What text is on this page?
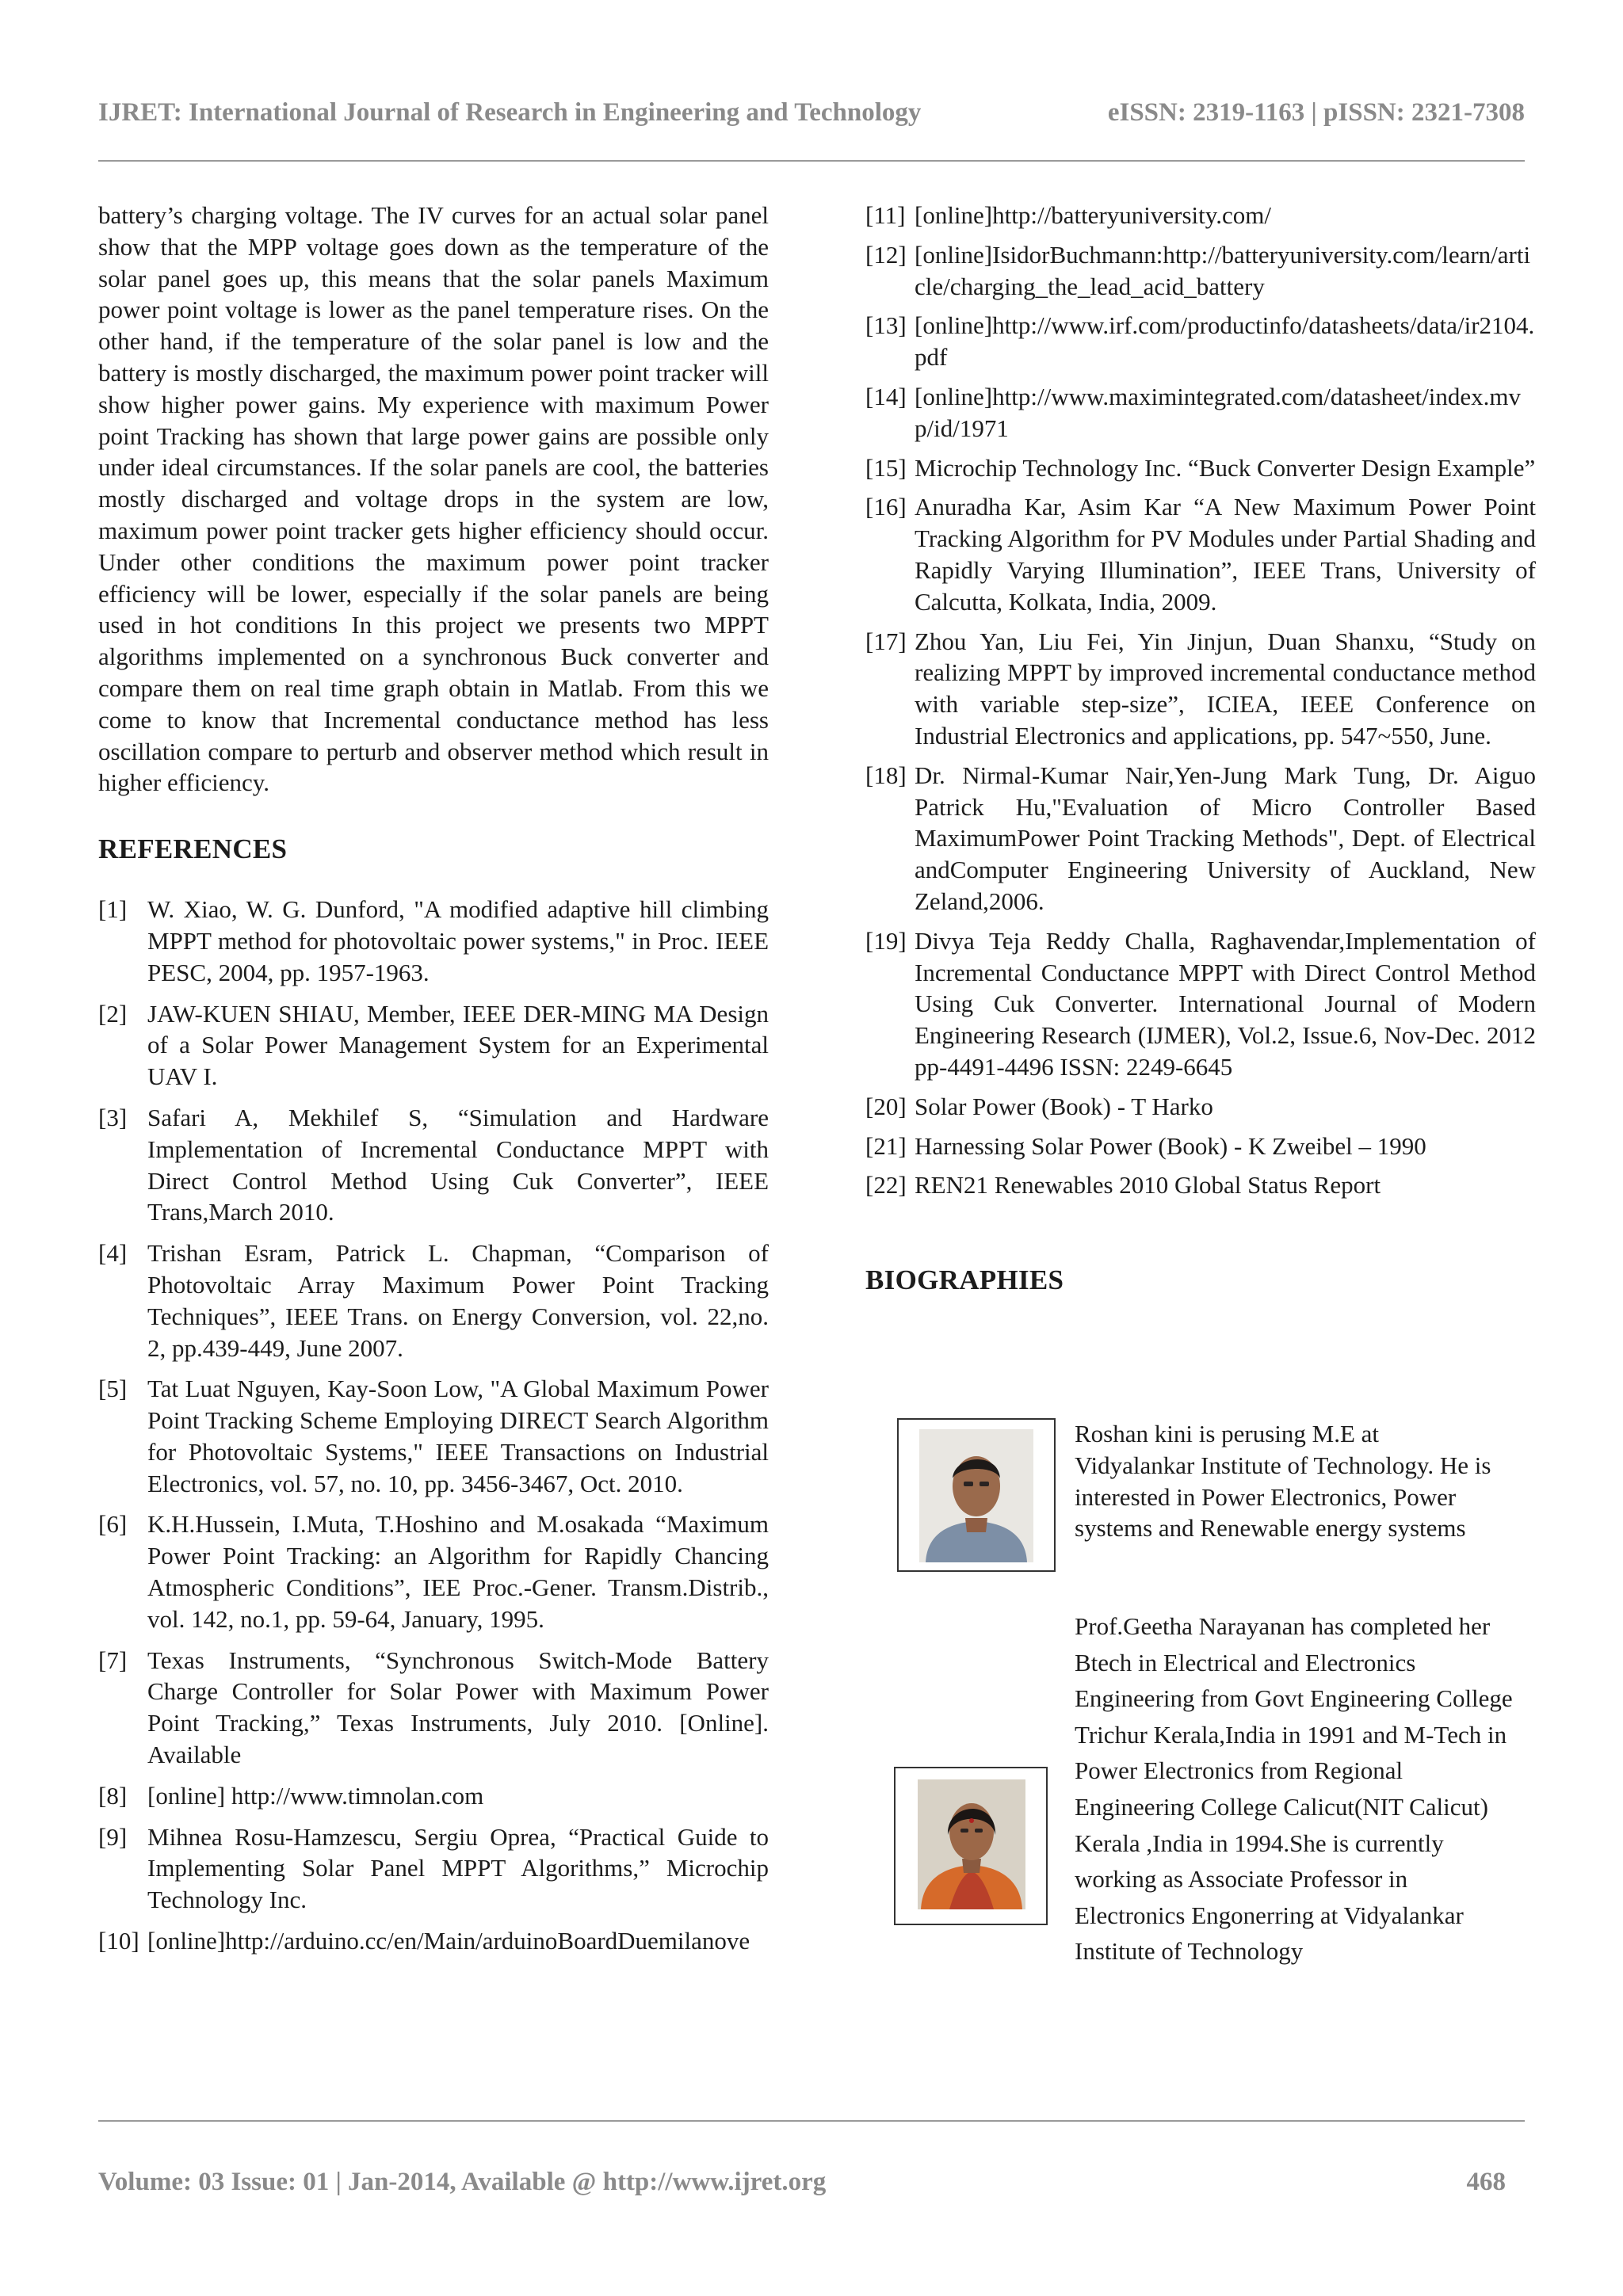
IJRET: International Journal of Research in Engineering and Technology	eISSN: 2319-1163 | pISSN: 2321-7308

battery’s charging voltage. The IV curves for an actual solar panel show that the MPP voltage goes down as the temperature of the solar panel goes up, this means that the solar panels Maximum power point voltage is lower as the panel temperature rises. On the other hand, if the temperature of the solar panel is low and the battery is mostly discharged, the maximum power point tracker will show higher power gains. My experience with maximum Power point Tracking has shown that large power gains are possible only under ideal circumstances. If the solar panels are cool, the batteries mostly discharged and voltage drops in the system are low, maximum power point tracker gets higher efficiency should occur. Under other conditions the maximum power point tracker efficiency will be lower, especially if the solar panels are being used in hot conditions In this project we presents two MPPT algorithms implemented on a synchronous Buck converter and compare them on real time graph obtain in Matlab. From this we come to know that Incremental conductance method has less oscillation compare to perturb and observer method which result in higher efficiency.

REFERENCES
[1] W. Xiao, W. G. Dunford, "A modified adaptive hill climbing MPPT method for photovoltaic power systems," in Proc. IEEE PESC, 2004, pp. 1957-1963.
[2] JAW-KUEN SHIAU, Member, IEEE DER-MING MA Design of a Solar Power Management System for an Experimental UAV I.
[3] Safari A, Mekhilef S, “Simulation and Hardware Implementation of Incremental Conductance MPPT with Direct Control Method Using Cuk Converter”, IEEE Trans,March 2010.
[4] Trishan Esram, Patrick L. Chapman, “Comparison of Photovoltaic Array Maximum Power Point Tracking Techniques”, IEEE Trans. on Energy Conversion, vol. 22,no. 2, pp.439-449, June 2007.
[5] Tat Luat Nguyen, Kay-Soon Low, "A Global Maximum Power Point Tracking Scheme Employing DIRECT Search Algorithm for Photovoltaic Systems," IEEE Transactions on Industrial Electronics, vol. 57, no. 10, pp. 3456-3467, Oct. 2010.
[6] K.H.Hussein, I.Muta, T.Hoshino and M.osakada “Maximum Power Point Tracking: an Algorithm for Rapidly Chancing Atmospheric Conditions”, IEE Proc.-Gener. Transm.Distrib., vol. 142, no.1, pp. 59-64, January, 1995.
[7] Texas Instruments, “Synchronous Switch-Mode Battery Charge Controller for Solar Power with Maximum Power Point Tracking,” Texas Instruments, July 2010. [Online]. Available
[8] [online] http://www.timnolan.com
[9] Mihnea Rosu-Hamzescu, Sergiu Oprea, “Practical Guide to Implementing Solar Panel MPPT Algorithms,” Microchip Technology Inc.
[10] [online]http://arduino.cc/en/Main/arduinoBoardDuemilanove
[11] [online]http://batteryuniversity.com/
[12] [online]IsidorBuchmann:http://batteryuniversity.com/learn/article/charging_the_lead_acid_battery
[13] [online]http://www.irf.com/productinfo/datasheets/data/ir2104.pdf
[14] [online]http://www.maximintegrated.com/datasheet/index.mvp/id/1971
[15] Microchip Technology Inc. “Buck Converter Design Example”
[16] Anuradha Kar, Asim Kar “A New Maximum Power Point Tracking Algorithm for PV Modules under Partial Shading and Rapidly Varying Illumination”, IEEE Trans, University of Calcutta, Kolkata, India, 2009.
[17] Zhou Yan, Liu Fei, Yin Jinjun, Duan Shanxu, “Study on realizing MPPT by improved incremental conductance method with variable step-size”, ICIEA, IEEE Conference on Industrial Electronics and applications, pp. 547~550, June.
[18] Dr. Nirmal-Kumar Nair,Yen-Jung Mark Tung, Dr. Aiguo Patrick Hu,"Evaluation of Micro Controller Based MaximumPower Point Tracking Methods", Dept. of Electrical andComputer Engineering University of Auckland, New Zeland,2006.
[19] Divya Teja Reddy Challa, Raghavendar,Implementation of Incremental Conductance MPPT with Direct Control Method Using Cuk Converter. International Journal of Modern Engineering Research (IJMER), Vol.2, Issue.6, Nov-Dec. 2012 pp-4491-4496 ISSN: 2249-6645
[20] Solar Power (Book) - T Harko
[21] Harnessing Solar Power (Book) - K Zweibel – 1990
[22] REN21 Renewables 2010 Global Status Report
BIOGRAPHIES

Roshan kini is perusing M.E at Vidyalankar Institute of Technology. He is interested in Power Electronics, Power systems and Renewable energy systems

Prof.Geetha Narayanan has completed her Btech in Electrical and Electronics Engineering from Govt Engineering College Trichur Kerala,India in 1991 and M-Tech in Power Electronics from Regional Engineering College Calicut(NIT Calicut) Kerala ,India in 1994.She is currently working as Associate Professor in Electronics Engonerring at Vidyalankar Institute of Technology

Volume: 03 Issue: 01 | Jan-2014, Available @ http://www.ijret.org	468
